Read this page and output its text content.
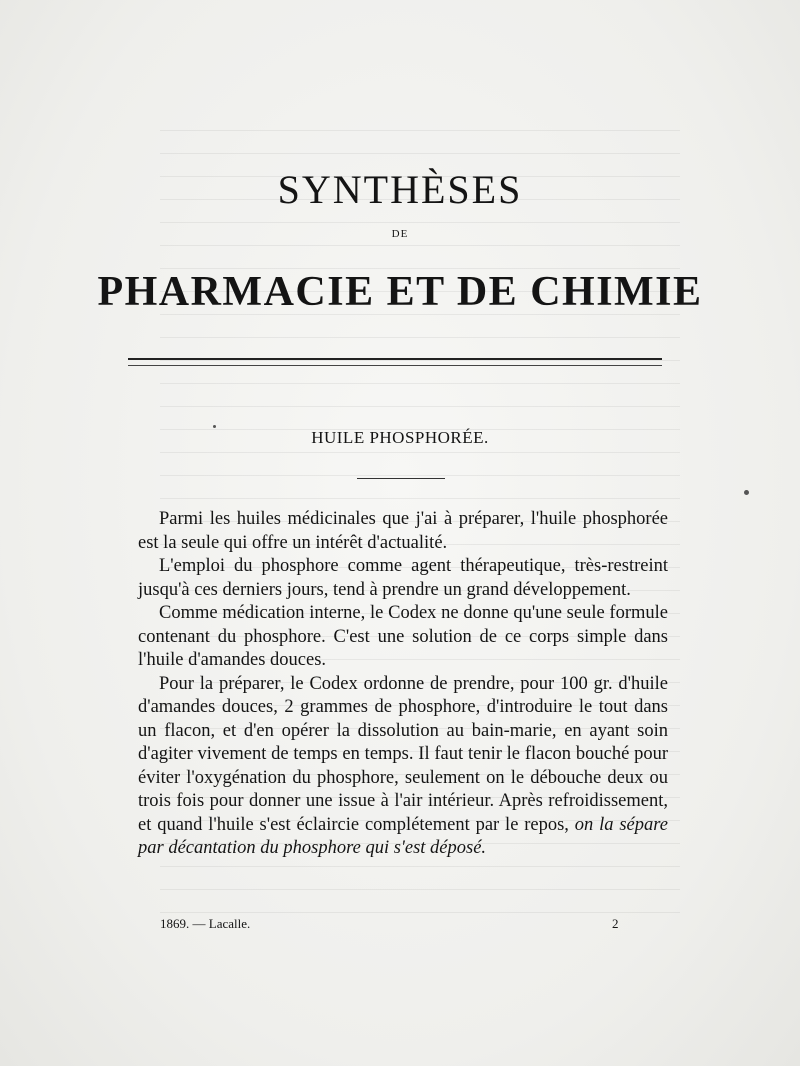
SYNTHÈSES
DE
PHARMACIE ET DE CHIMIE
HUILE PHOSPHORÉE.

Parmi les huiles médicinales que j'ai à préparer, l'huile phosphorée est la seule qui offre un intérêt d'actualité.

L'emploi du phosphore comme agent thérapeutique, très-restreint jusqu'à ces derniers jours, tend à prendre un grand développement.

Comme médication interne, le Codex ne donne qu'une seule formule contenant du phosphore. C'est une solution de ce corps simple dans l'huile d'amandes douces.

Pour la préparer, le Codex ordonne de prendre, pour 100 gr. d'huile d'amandes douces, 2 grammes de phosphore, d'introduire le tout dans un flacon, et d'en opérer la dissolution au bain-marie, en ayant soin d'agiter vivement de temps en temps. Il faut tenir le flacon bouché pour éviter l'oxygénation du phosphore, seulement on le débouche deux ou trois fois pour donner une issue à l'air intérieur. Après refroidissement, et quand l'huile s'est éclaircie complétement par le repos, on la sépare par décantation du phosphore qui s'est déposé.

1869. — Lacalle.	2
